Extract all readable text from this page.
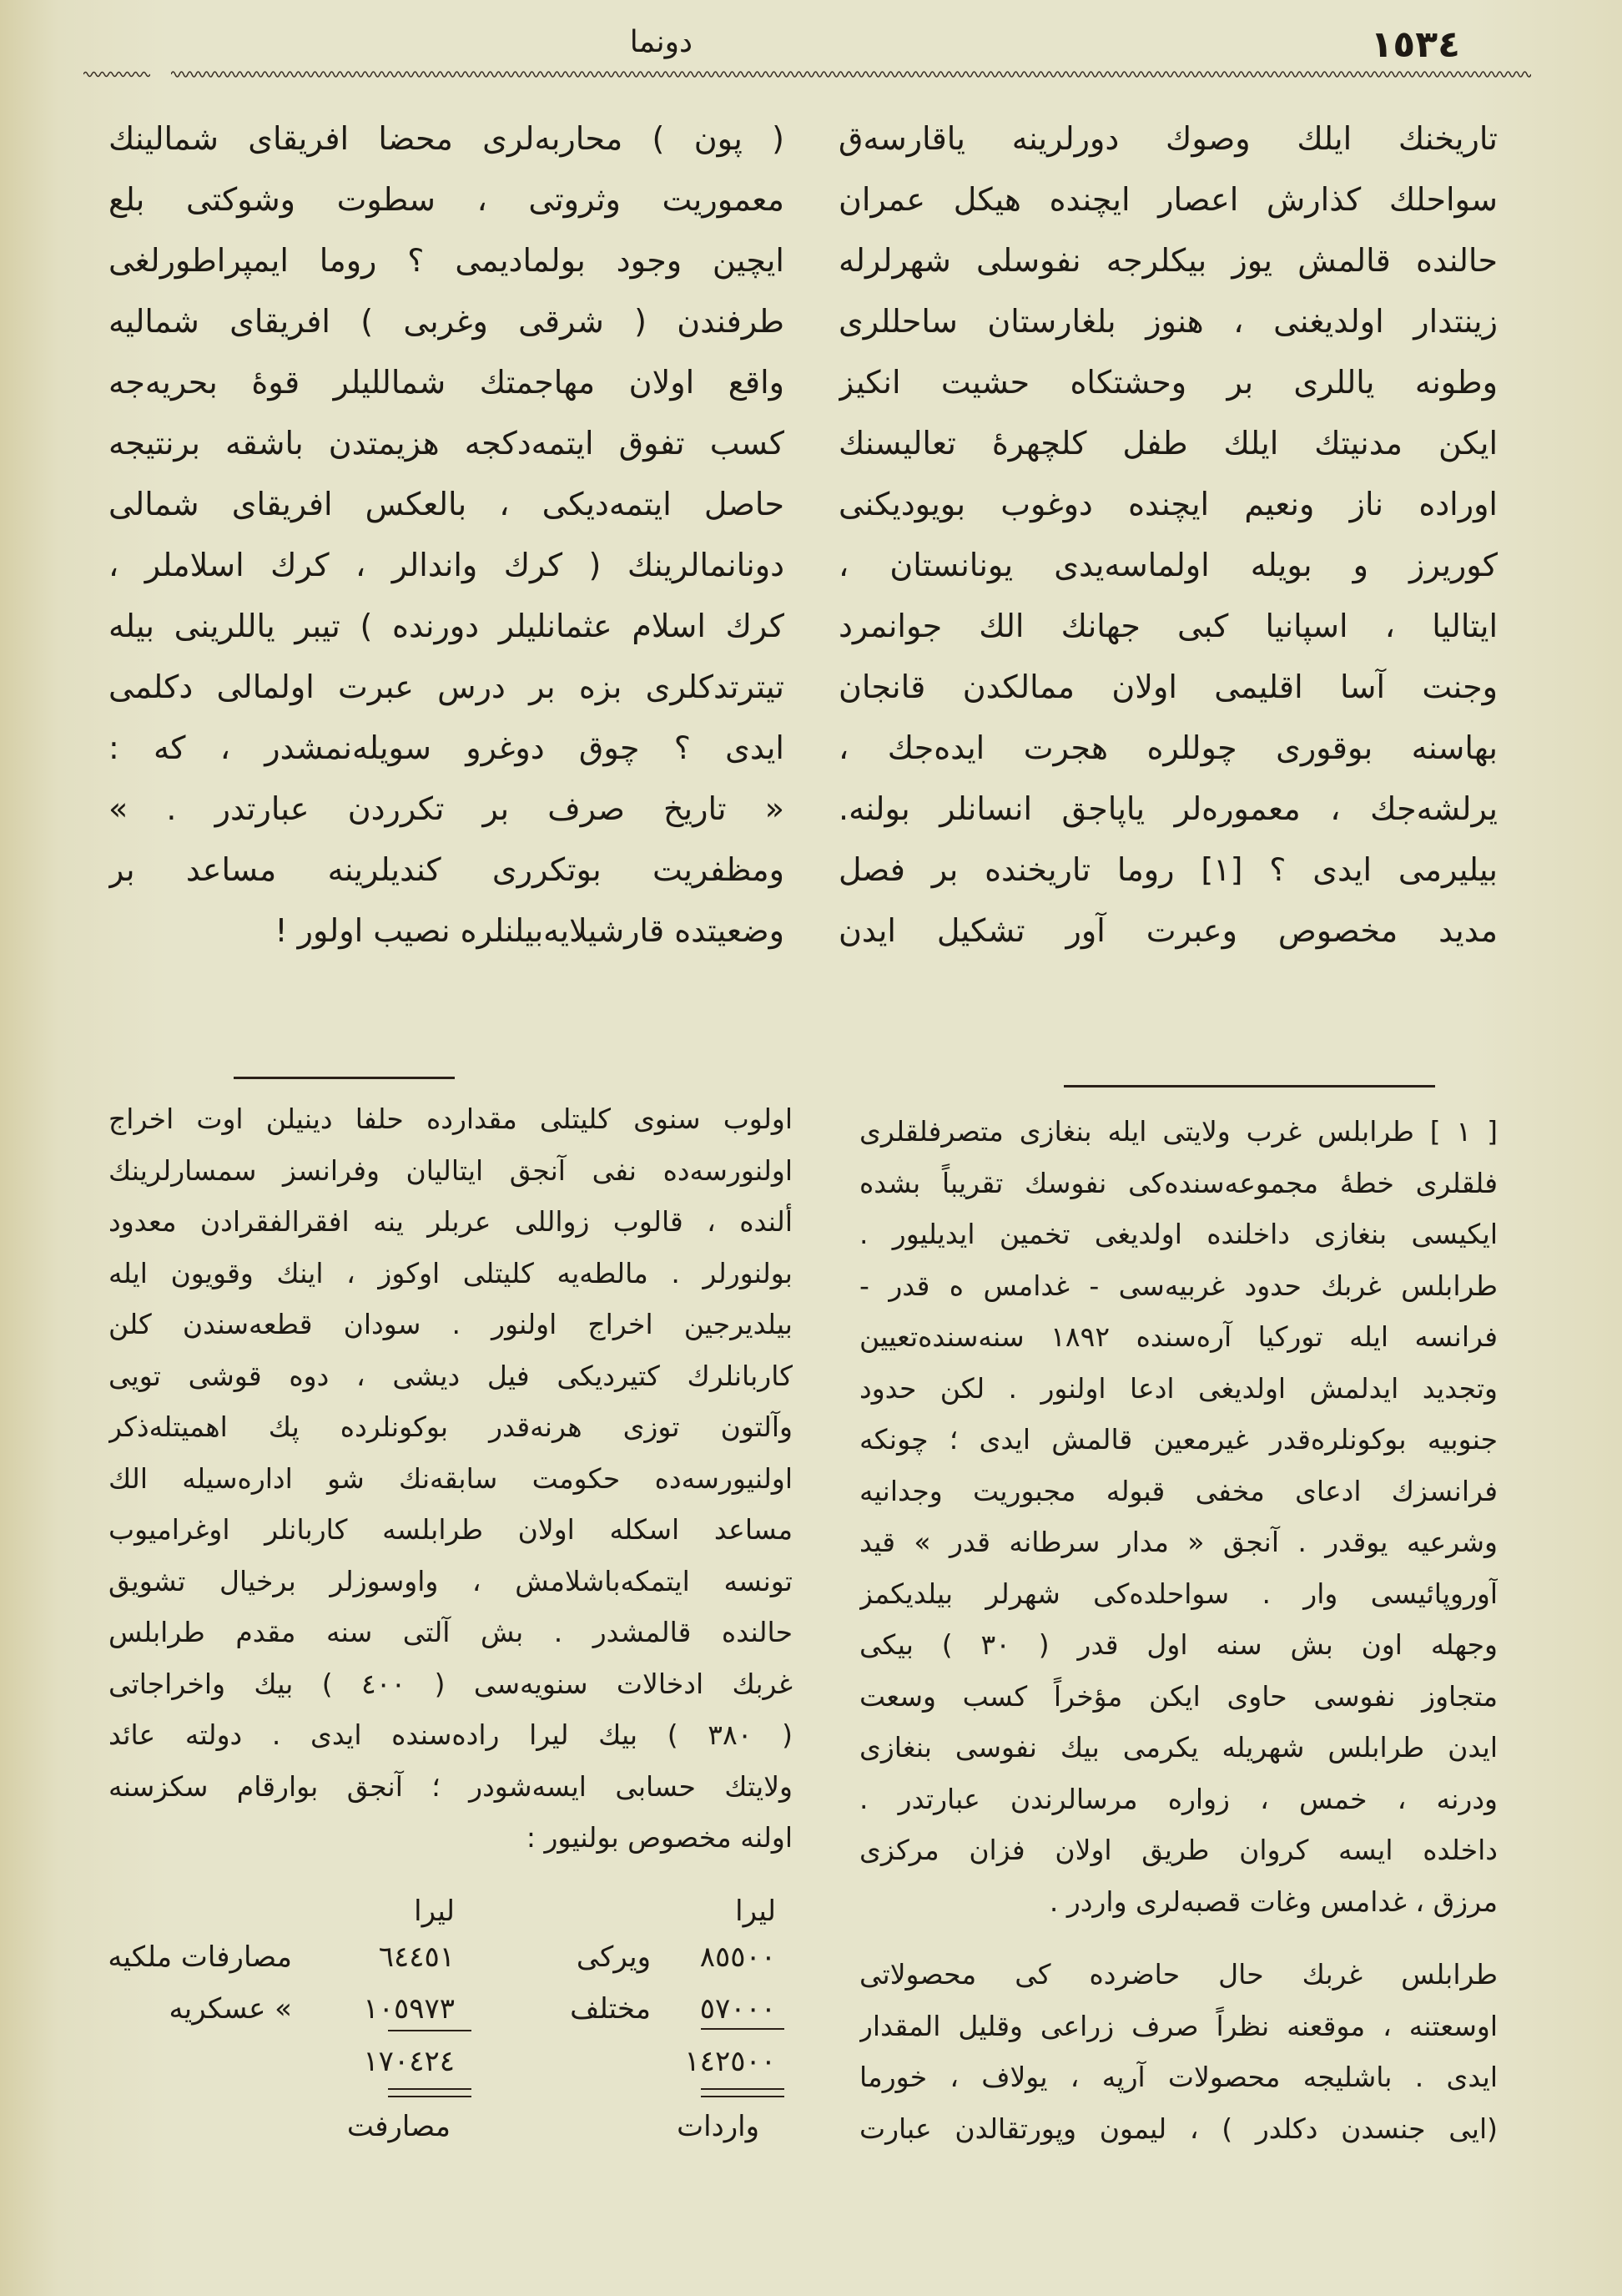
١٥٣٤
دونما
تاریخنك ایلك وصوك دورلرینه یاقارسەق
سواحلك كذارش اعصار ایچنده هیكل عمران
حالنده قالمش یوز بیكلرجه نفوسلی شهرلرله
زینتدار اولدیغنی ، هنوز بلغارستان ساحللری
وطونه یاللری بر وحشتكاه حشیت انكیز
ایكن مدنیتك ایلك طفل كلچهرۀ تعالیسنك
اوراده ناز ونعیم ایچنده دوغوب بویودیكنی
كوریرز و بویله اولماسەیدی یونانستان ،
ایتالیا ، اسپانیا كبی جهانك الك جوانمرد
وجنت آسا اقلیمی اولان ممالكدن قانجان
بهاسنه بوقوری چوللره هجرت ایدەجك ،
یرلشەجك ، معمورەلر یاپاجق انسانلر بولنه.
بیلیرمی ایدی ؟ [١] روما تاریخنده بر فصل
مدید مخصوص وعبرت آور تشكیل ایدن
( پون ) محاربەلری محضا افریقای شمالینك
معموریت وثروتی ، سطوت وشوكتی بلع
ایچین وجود بولمادیمی ؟ روما ایمپراطورلغی
طرفندن ( شرقی وغربی ) افریقای شمالیه
واقع اولان مهاجمتك شماللیلر قوۀ بحریەجه
كسب تفوق ایتمەدكجه هزیمتدن باشقه برنتیجه
حاصل ایتمەدیكی ، بالعكس افریقای شمالی
دونانمالرینك ( كرك واندالر ، كرك اسلاملر ،
كرك اسلام عثمانلیلر دورنده ) تیبر یاللرینی بیله
تیترتدكلری بزه بر درس عبرت اولمالی دكلمی
ایدی ؟ چوق دوغرو سویلەنمشدر ، كه :
« تاریخ صرف بر تكرردن عبارتدر . »
ومظفریت بوتكرری كندیلرینه مساعد بر
وضعیتده قارشیلایەبیلنلره نصیب اولور !
[ ١ ] طرابلس غرب ولایتی ایله بنغازی متصرفلقلری
فلقلری خطۀ مجموعەسندەكی نفوسك تقریباً بشده
ایكیسی بنغازی داخلنده اولدیغی تخمین ایدیلیور .
طرابلس غربك حدود غربیەسی - غدامس ە قدر -
فرانسه ایله توركیا آرەسنده ١٨٩٢ سنەسندەتعیین
وتجدید ایدلمش اولدیغی ادعا اولنور . لكن حدود
جنوبیه بوكونلرەقدر غیرمعین قالمش ایدی ؛ چونكه
فرانسزك ادعای مخفی قبوله مجبوریت وجدانیه
وشرعیه یوقدر . آنجق « مدار سرطانه قدر » قید
آوروپائیسی وار . سواحلدەكی شهرلر بیلدیكمز
وجهله اون بش سنه اول قدر ( ٣٠ ) بیكی
متجاوز نفوسی حاوی ایكن مؤخراً كسب وسعت
ایدن طرابلس شهریله یكرمی بیك نفوسی بنغازی
ودرنه ، خمس ، زواره مرسالرندن عبارتدر .
داخلده ایسه كروان طریق اولان فزان مركزی
مرزق ، غدامس وغات قصبەلری واردر .
طرابلس غربك حال حاضرده كی محصولاتی
اوسعتنه ، موقعنه نظراً صرف زراعی وقلیل المقدار
ایدی . باشلیجه محصولات آرپه ، یولاف ، خورما
(ایی جنسدن دكلدر ) ، لیمون وپورتقالدن عبارت
اولوب سنوی كلیتلی مقدارده حلفا دینیلن اوت اخراج
اولنورسەده نفی آنجق ایتالیان وفرانسز سمسارلرینك
ألنده ، قالوب زواللی عربلر ینه افقرالفقرادن معدود
بولنورلر . مالطەیه كلیتلی اوكوز ، اینك وقویون ایله
بیلدیرجین اخراج اولنور . سودان قطعەسندن كلن
كاربانلرك كتیردیكی فیل دیشی ، دوه قوشی تویی
وآلتون توزی هرنەقدر بوكونلرده پك اهمیتلەذكر
اولنیورسەده حكومت سابقەنك شو ادارەسیله الك
مساعد اسكله اولان طرابلسه كاربانلر اوغرامیوب
تونسه ایتمكەباشلامش ، واوسوزلر برخیال تشویق
حالنده قالمشدر . بش آلتی سنه مقدم طرابلس
غربك ادخالات سنویەسی ( ٤٠٠ ) بیك واخراجاتی
( ٣٨٠ ) بیك لیرا رادەسنده ایدی . دولته عائد
ولایتك حسابی ایسەشودر ؛ آنجق بوارقام سكزسنه
اولنه مخصوص بولنیور :
لیرا
لیرا
٨٥٥٠٠
ویركی
٦٤٤٥١
مصارفات ملكیه
٥٧٠٠٠
مختلف
١٠٥٩٧٣
» عسكریه
١٤٢٥٠٠
١٧٠٤٢٤
واردات
مصارفت
